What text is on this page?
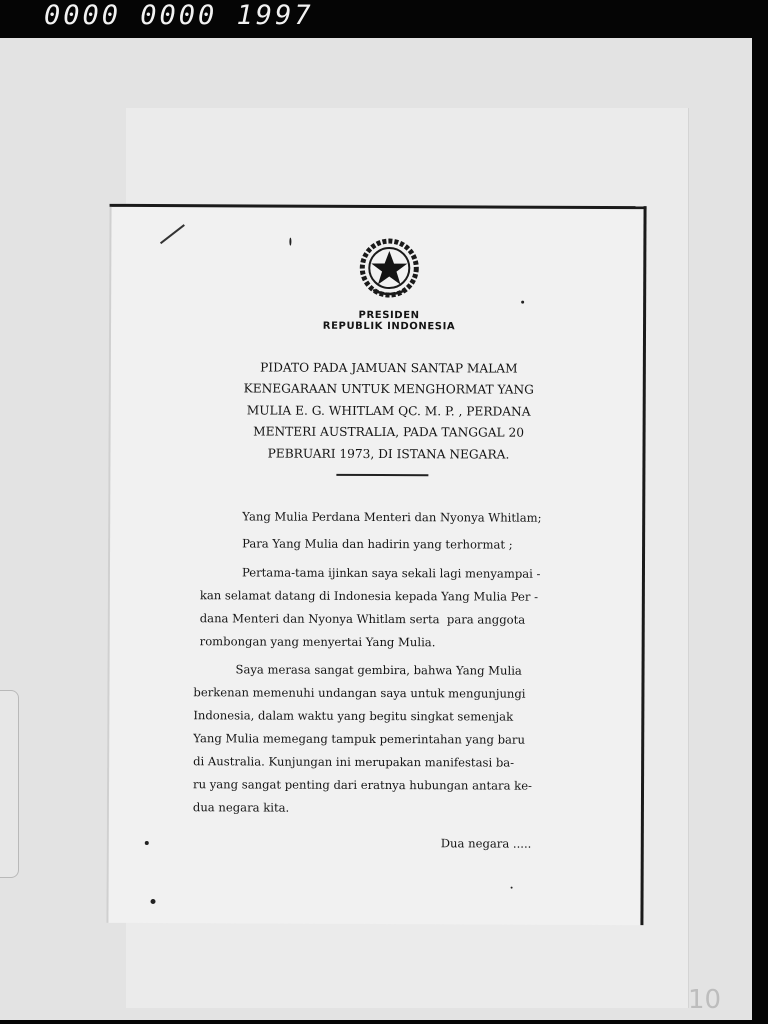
0000 0000 1997
PRESIDEN
REPUBLIK INDONESIA
PIDATO PADA JAMUAN SANTAP MALAM
KENEGARAAN UNTUK MENGHORMAT YANG
MULIA E. G. WHITLAM QC. M. P. , PERDANA
MENTERI AUSTRALIA, PADA TANGGAL 20
PEBRUARI 1973, DI ISTANA NEGARA.
Yang Mulia Perdana Menteri dan Nyonya Whitlam;
Para Yang Mulia dan hadirin yang terhormat ;
Pertama-tama ijinkan saya sekali lagi menyampai -
kan selamat datang di Indonesia kepada Yang Mulia Per -
dana Menteri dan Nyonya Whitlam serta  para anggota
rombongan yang menyertai Yang Mulia.
Saya merasa sangat gembira, bahwa Yang Mulia
berkenan memenuhi undangan saya untuk mengunjungi
Indonesia, dalam waktu yang begitu singkat semenjak
Yang Mulia memegang tampuk pemerintahan yang baru
di Australia. Kunjungan ini merupakan manifestasi ba-
ru yang sangat penting dari eratnya hubungan antara ke-
dua negara kita.
Dua negara .....
10
